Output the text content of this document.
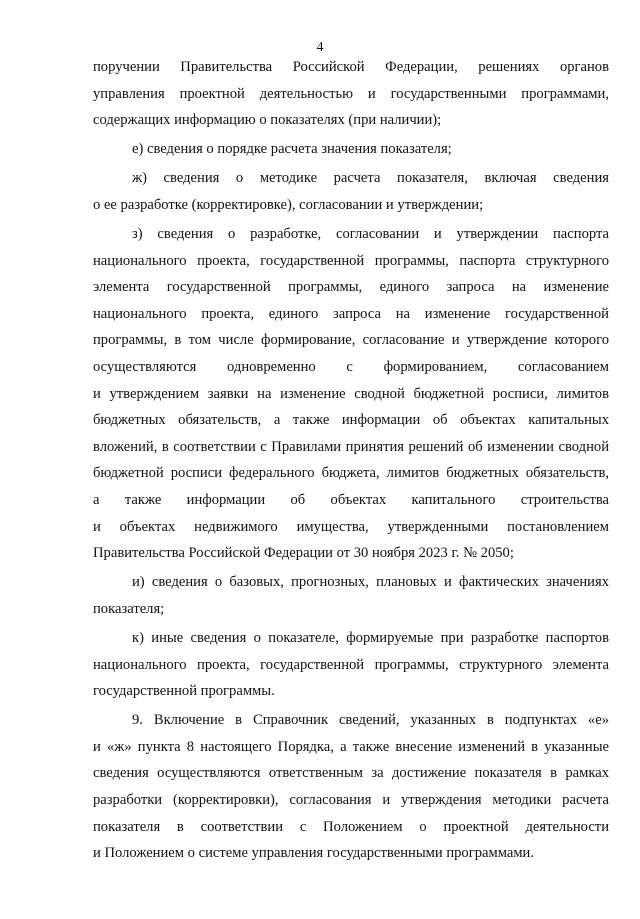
4
поручении Правительства Российской Федерации, решениях органов
управления проектной деятельностью и государственными программами,
содержащих информацию о показателях (при наличии);
е) сведения о порядке расчета значения показателя;
ж) сведения о методике расчета показателя, включая сведения
о ее разработке (корректировке), согласовании и утверждении;
з) сведения о разработке, согласовании и утверждении паспорта
национального проекта, государственной программы, паспорта структурного
элемента государственной программы, единого запроса на изменение
национального проекта, единого запроса на изменение государственной
программы, в том числе формирование, согласование и утверждение которого
осуществляются одновременно с формированием, согласованием
и утверждением заявки на изменение сводной бюджетной росписи, лимитов
бюджетных обязательств, а также информации об объектах капитальных
вложений, в соответствии с Правилами принятия решений об изменении сводной
бюджетной росписи федерального бюджета, лимитов бюджетных обязательств,
а также информации об объектах капитального строительства
и объектах недвижимого имущества, утвержденными постановлением
Правительства Российской Федерации от 30 ноября 2023 г. № 2050;
и) сведения о базовых, прогнозных, плановых и фактических значениях
показателя;
к) иные сведения о показателе, формируемые при разработке паспортов
национального проекта, государственной программы, структурного элемента
государственной программы.
9. Включение в Справочник сведений, указанных в подпунктах «е»
и «ж» пункта 8 настоящего Порядка, а также внесение изменений в указанные
сведения осуществляются ответственным за достижение показателя в рамках
разработки (корректировки), согласования и утверждения методики расчета
показателя в соответствии с Положением о проектной деятельности
и Положением о системе управления государственными программами.
